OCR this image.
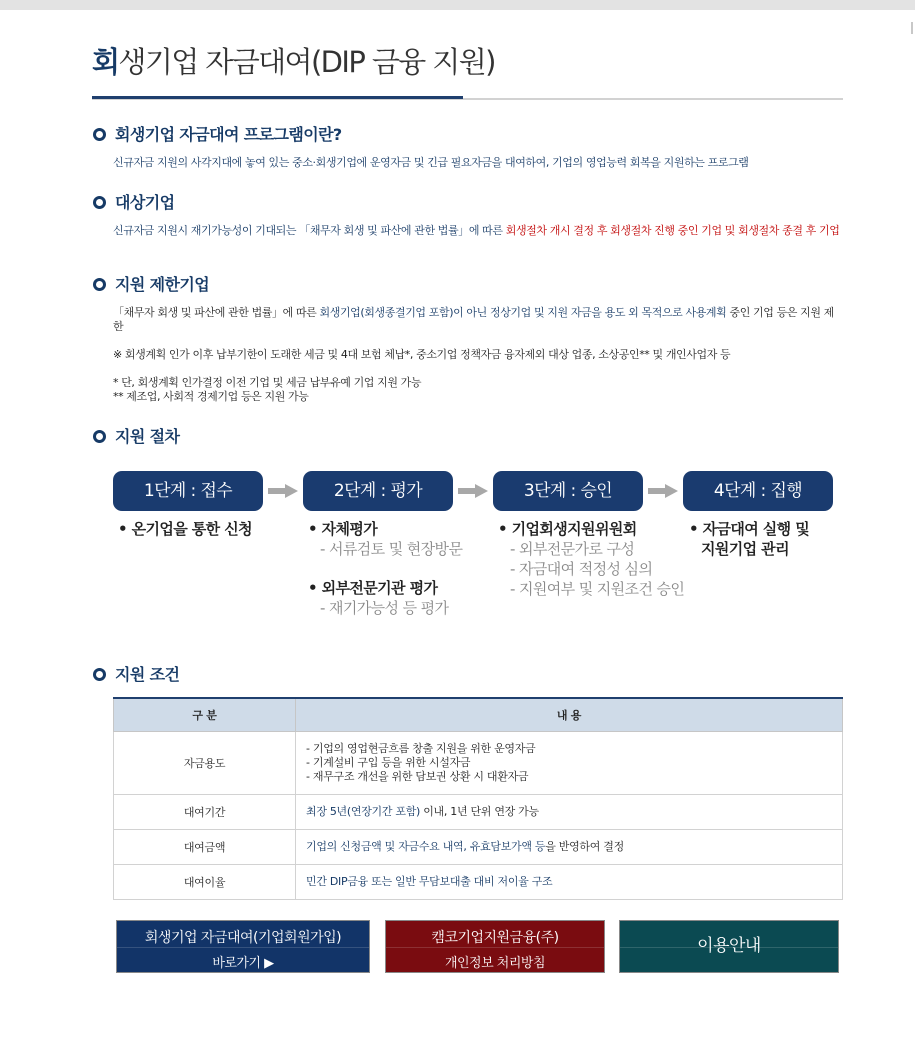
회생기업 자금대여(DIP 금융 지원)
회생기업 자금대여 프로그램이란?
신규자금 지원의 사각지대에 놓여 있는 중소·회생기업에 운영자금 및 긴급 필요자금을 대여하여, 기업의 영업능력 회복을 지원하는 프로그램
대상기업
신규자금 지원시 재기가능성이 기대되는 「채무자 회생 및 파산에 관한 법률」에 따른 회생절차 개시 결정 후 회생절차 진행 중인 기업 및 회생절차 종결 후 기업
지원 제한기업
「채무자 회생 및 파산에 관한 법률」에 따른 회생기업(회생종결기업 포함)이 아닌 정상기업 및 지원 자금을 용도 외 목적으로 사용계획 중인 기업 등은 지원 제한
※ 회생계획 인가 이후 납부기한이 도래한 세금 및 4대 보험 체납*, 중소기업 정책자금 융자제외 대상 업종, 소상공인** 및 개인사업자 등
* 단, 회생계획 인가결정 이전 기업 및 세금 납부유예 기업 지원 가능
** 제조업, 사회적 경제기업 등은 지원 가능
지원 절차
1단계 : 접수	2단계 : 평가	3단계 : 승인	4단계 : 집행
• 온기업을 통한 신청	• 자체평가
- 서류검토 및 현장방문
• 외부전문기관 평가
- 재기가능성 등 평가
• 기업회생지원위원회
- 외부전문가로 구성
- 자금대여 적정성 심의
- 지원여부 및 지원조건 승인
• 자금대여 실행 및
지원기업 관리
지원 조건
구 분	내 용
자금용도	- 기업의 영업현금흐름 창출 지원을 위한 운영자금
- 기계설비 구입 등을 위한 시설자금
- 재무구조 개선을 위한 담보권 상환 시 대환자금

대여기간	최장 5년(연장기간 포함) 이내, 1년 단위 연장 가능
대여금액	기업의 신청금액 및 자금수요 내역, 유효담보가액 등을 반영하여 결정
대여이율	민간 DIP금융 또는 일반 무담보대출 대비 저이율 구조
회생기업 자금대여(기업회원가입)
바로가기 ▶
캠코기업지원금융(주)
개인정보 처리방침
이용안내
